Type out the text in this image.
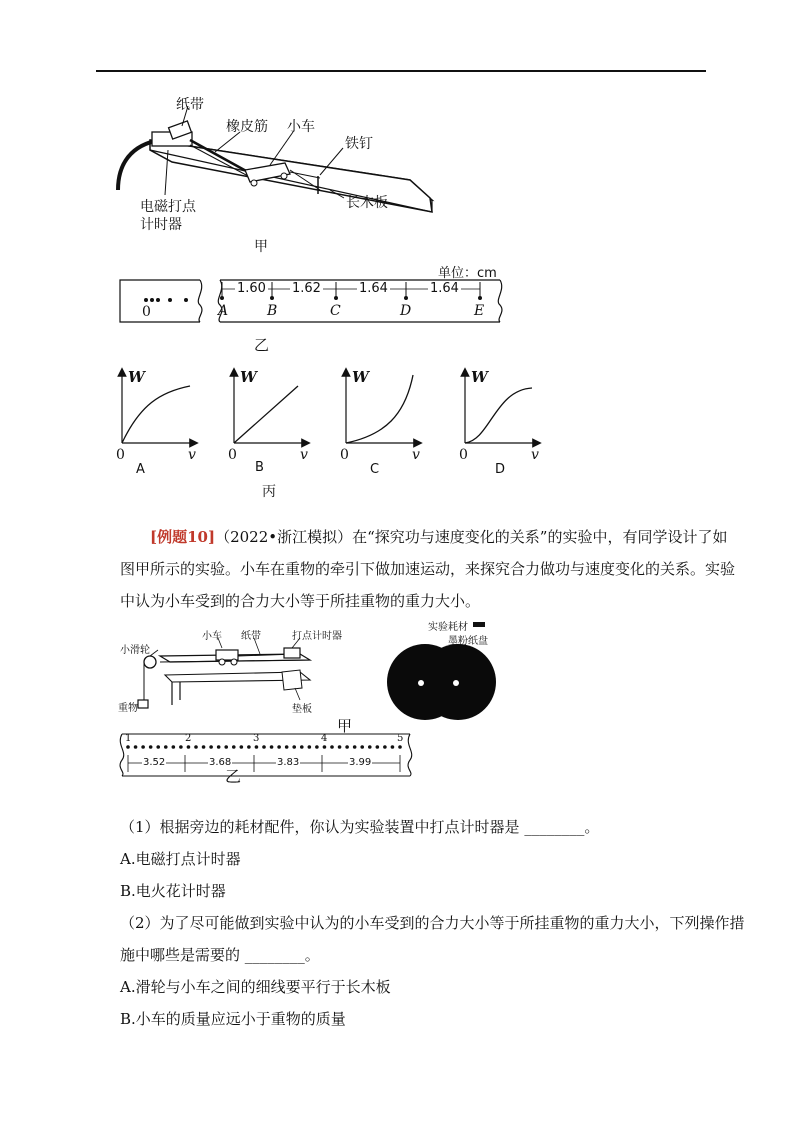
纸带
橡皮筋 小车
铁钉
长木板
电磁打点
计时器
甲
单位：cm
1.60 1.62	1.64	1.64
0	A	B	C	D	E
乙
W
v
0
A
W
v
0
B
W
v
0
C
W
v
0
D
丙
[例题10]（2022•浙江模拟）在“探究功与速度变化的关系”的实验中，有同学设计了如
图甲所示的实验。小车在重物的牵引下做加速运动，来探究合力做功与速度变化的关系。实验
中认为小车受到的合力大小等于所挂重物的重力大小。
小滑轮
小车 纸带	打点计时器
重物	垫板
实验耗材
墨粉纸盘
甲
1	2	3	4	5
3.52	3.68	3.83	3.99
乙
（1）根据旁边的耗材配件，你认为实验装置中打点计时器是 ________。
A.电磁打点计时器
B.电火花计时器
（2）为了尽可能做到实验中认为的小车受到的合力大小等于所挂重物的重力大小，下列操作措
施中哪些是需要的 ________。
A.滑轮与小车之间的细线要平行于长木板
B.小车的质量应远小于重物的质量
